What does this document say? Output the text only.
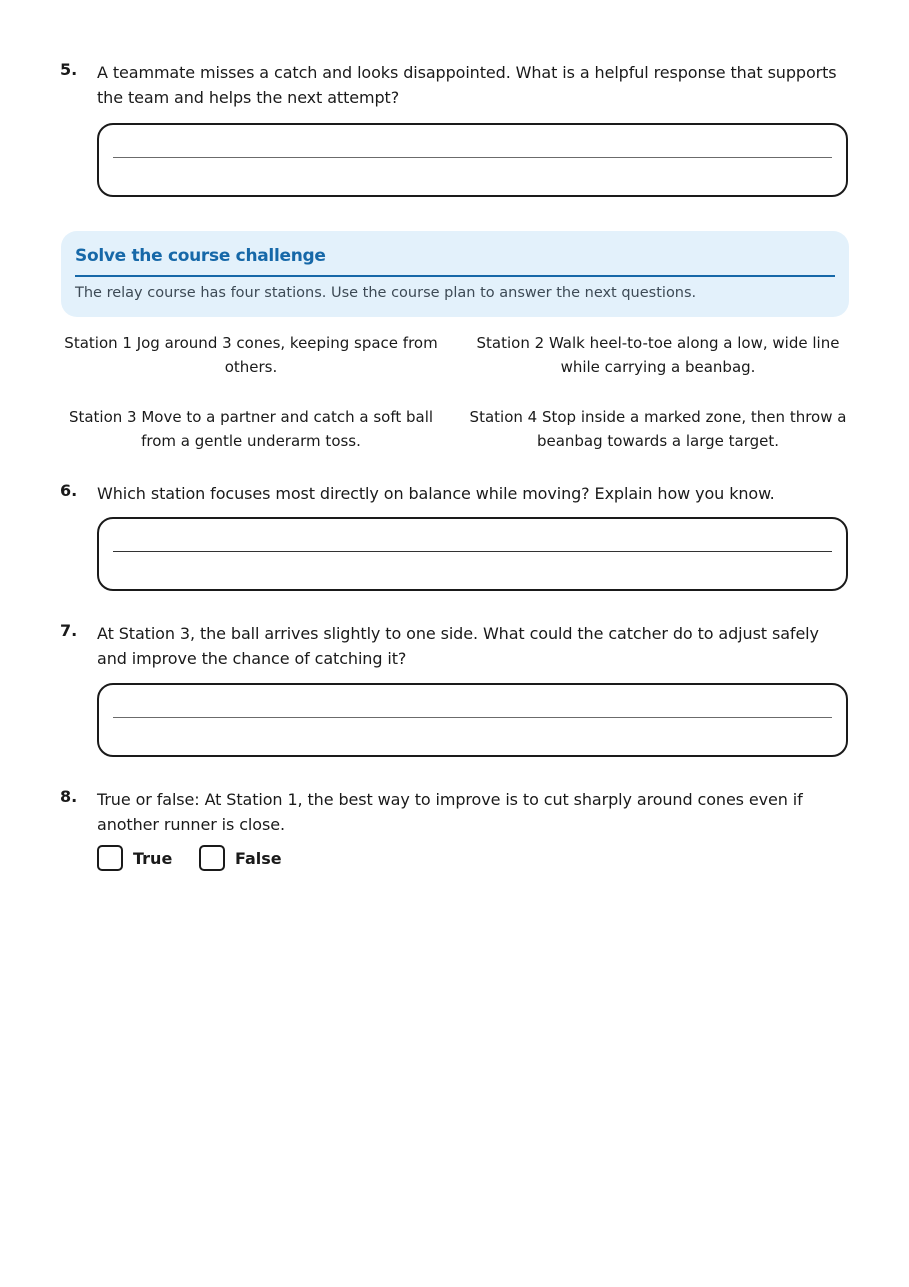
5. A teammate misses a catch and looks disappointed. What is a helpful response that supports the team and helps the next attempt?
Solve the course challenge
The relay course has four stations. Use the course plan to answer the next questions.
Station 1 Jog around 3 cones, keeping space from others.
Station 2 Walk heel-to-toe along a low, wide line while carrying a beanbag.
Station 3 Move to a partner and catch a soft ball from a gentle underarm toss.
Station 4 Stop inside a marked zone, then throw a beanbag towards a large target.
6. Which station focuses most directly on balance while moving? Explain how you know.
7. At Station 3, the ball arrives slightly to one side. What could the catcher do to adjust safely and improve the chance of catching it?
8. True or false: At Station 1, the best way to improve is to cut sharply around cones even if another runner is close.
True	False
